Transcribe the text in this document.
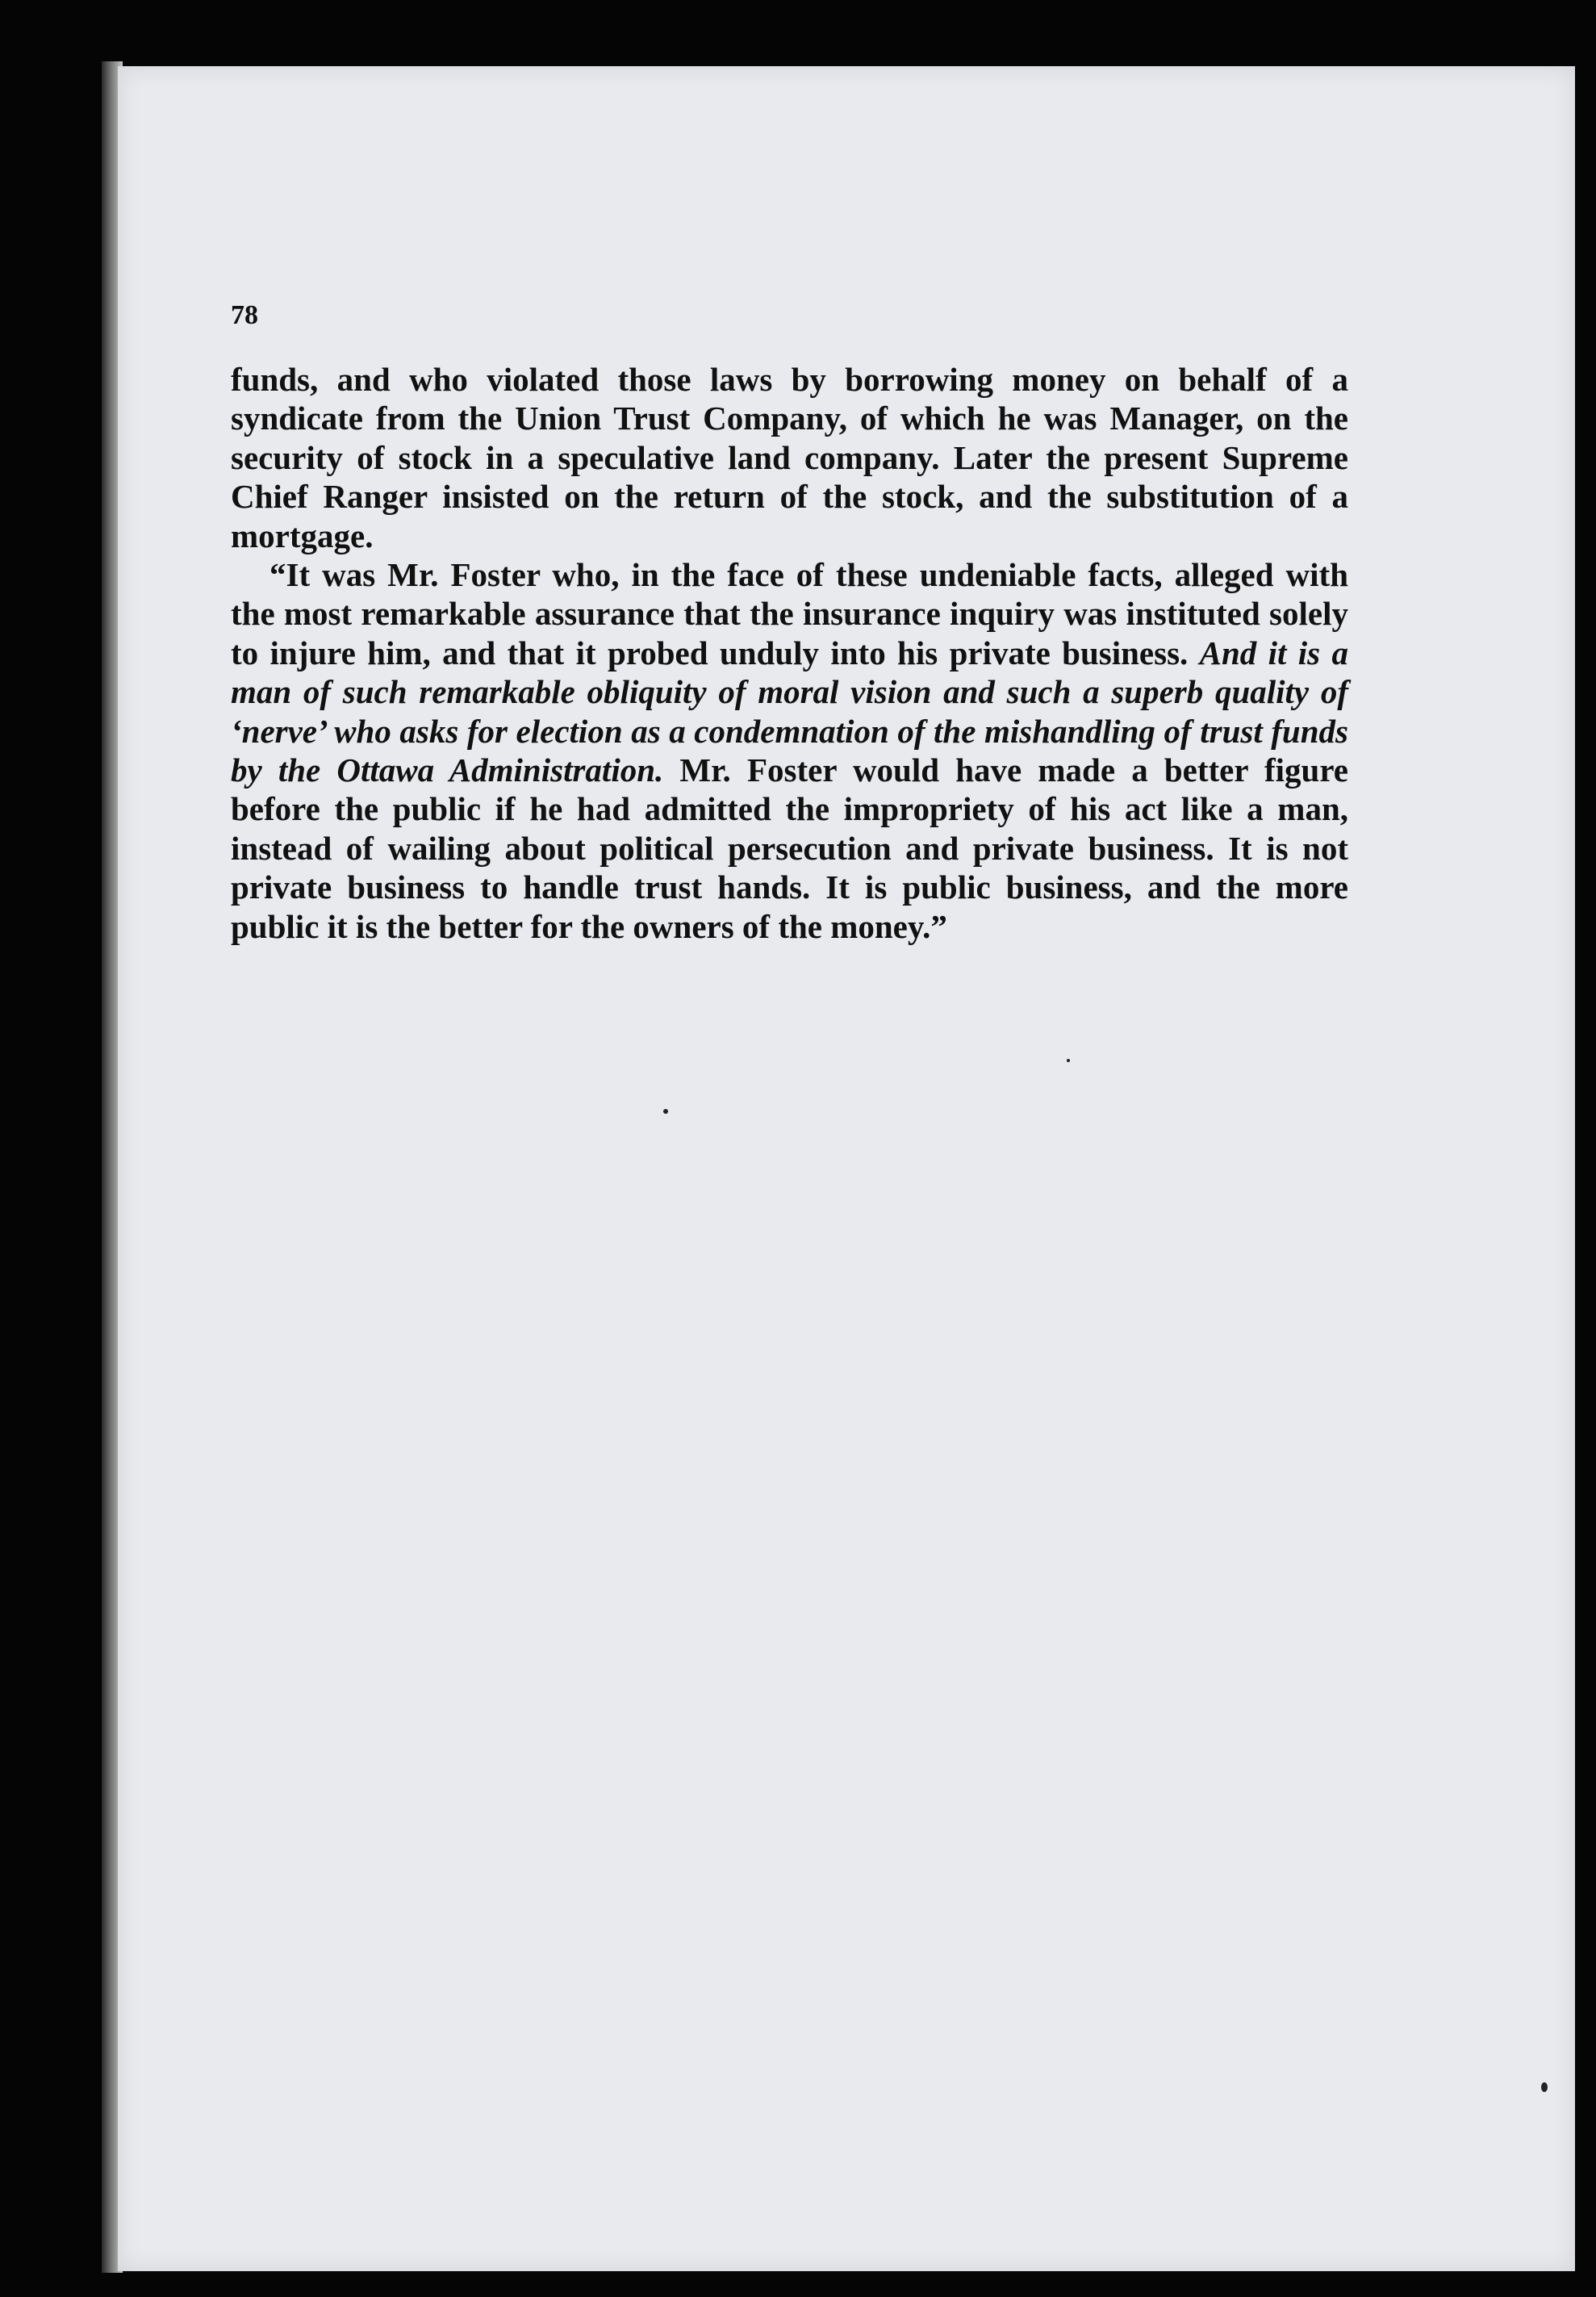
78

funds, and who violated those laws by borrowing money on behalf of a syndicate from the Union Trust Company, of which he was Manager, on the security of stock in a speculative land company. Later the present Supreme Chief Ranger insisted on the return of the stock, and the substitution of a mortgage.

“It was Mr. Foster who, in the face of these undeniable facts, alleged with the most remarkable assurance that the insurance inquiry was instituted solely to injure him, and that it probed unduly into his private business. And it is a man of such remarkable obliquity of moral vision and such a superb quality of ‘nerve’ who asks for election as a condemnation of the mishandling of trust funds by the Ottawa Administration. Mr. Foster would have made a better figure before the public if he had admitted the impropriety of his act like a man, instead of wailing about political persecution and private business. It is not private business to handle trust hands. It is public business, and the more public it is the better for the owners of the money.”
